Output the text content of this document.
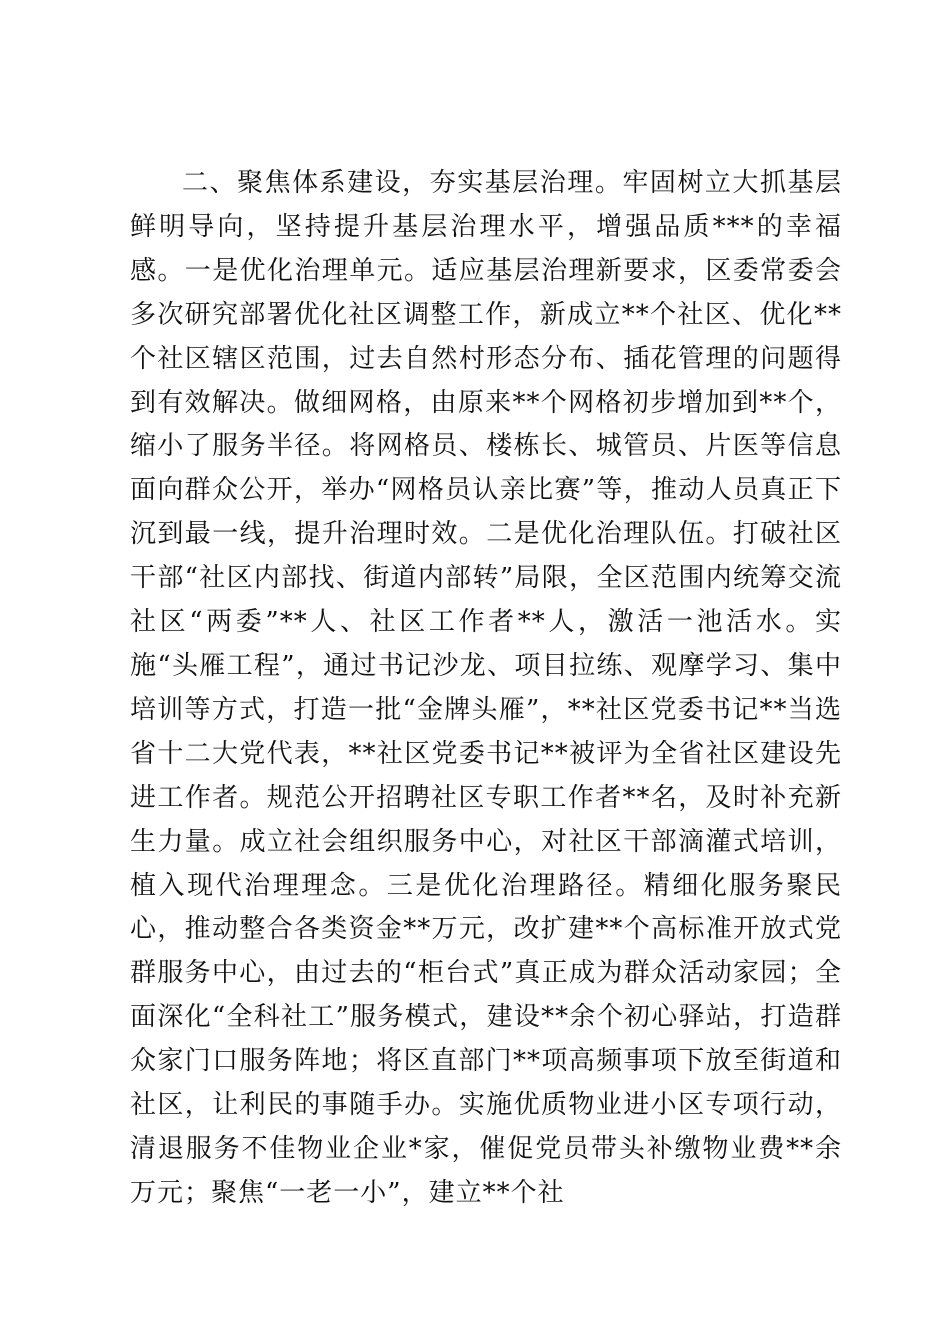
二、聚焦体系建设，夯实基层治理。牢固树立大抓基层鲜明导向，坚持提升基层治理水平，增强品质***的幸福感。一是优化治理单元。适应基层治理新要求，区委常委会多次研究部署优化社区调整工作，新成立**个社区、优化**个社区辖区范围，过去自然村形态分布、插花管理的问题得到有效解决。做细网格，由原来**个网格初步增加到**个，缩小了服务半径。将网格员、楼栋长、城管员、片医等信息面向群众公开，举办“网格员认亲比赛”等，推动人员真正下沉到最一线，提升治理时效。二是优化治理队伍。打破社区干部“社区内部找、街道内部转”局限，全区范围内统筹交流社区“两委”**人、社区工作者**人，激活一池活水。实施“头雁工程”，通过书记沙龙、项目拉练、观摩学习、集中培训等方式，打造一批“金牌头雁”，**社区党委书记**当选省十二大党代表，**社区党委书记**被评为全省社区建设先进工作者。规范公开招聘社区专职工作者**名，及时补充新生力量。成立社会组织服务中心，对社区干部滴灌式培训，植入现代治理理念。三是优化治理路径。精细化服务聚民心，推动整合各类资金**万元，改扩建**个高标准开放式党群服务中心，由过去的“柜台式”真正成为群众活动家园；全面深化“全科社工”服务模式，建设**余个初心驿站，打造群众家门口服务阵地；将区直部门**项高频事项下放至街道和社区，让利民的事随手办。实施优质物业进小区专项行动，清退服务不佳物业企业*家，催促党员带头补缴物业费**余万元；聚焦“一老一小”，建立**个社
